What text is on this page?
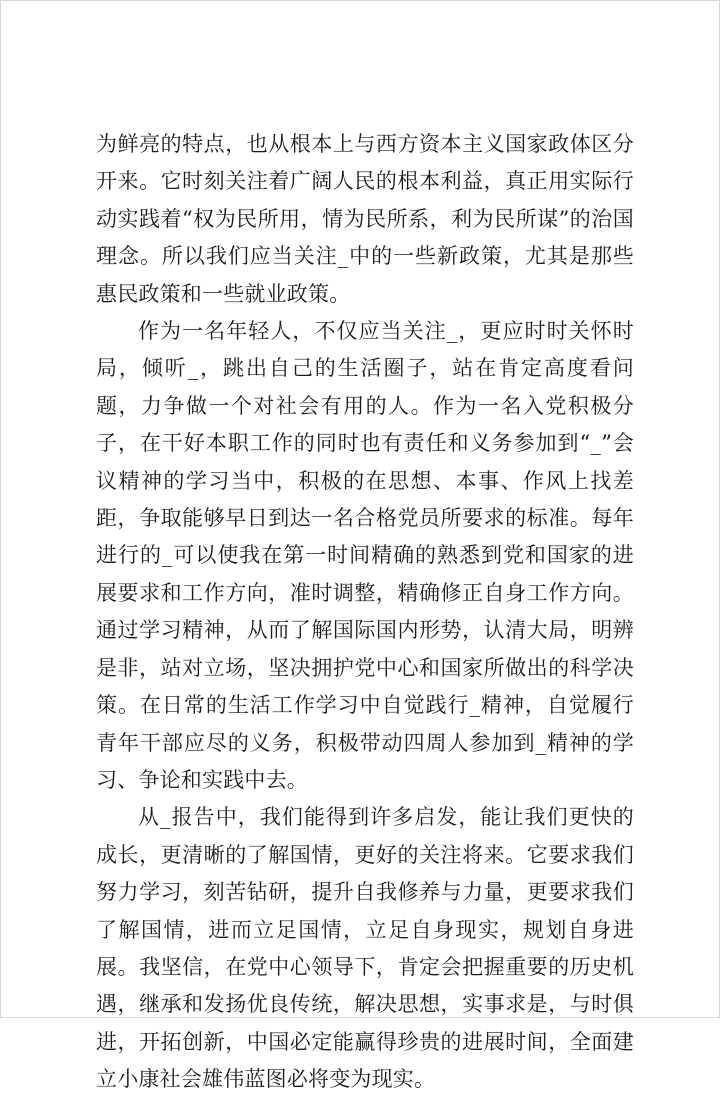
为鲜亮的特点，也从根本上与西方资本主义国家政体区分开来。它时刻关注着广阔人民的根本利益，真正用实际行动实践着“权为民所用，情为民所系，利为民所谋”的治国理念。所以我们应当关注_中的一些新政策，尤其是那些惠民政策和一些就业政策。

作为一名年轻人，不仅应当关注_，更应时时关怀时局，倾听_，跳出自己的生活圈子，站在肯定高度看问题，力争做一个对社会有用的人。作为一名入党积极分子，在干好本职工作的同时也有责任和义务参加到“_”会议精神的学习当中，积极的在思想、本事、作风上找差距，争取能够早日到达一名合格党员所要求的标准。每年进行的_可以使我在第一时间精确的熟悉到党和国家的进展要求和工作方向，准时调整，精确修正自身工作方向。通过学习精神，从而了解国际国内形势，认清大局，明辨是非，站对立场，坚决拥护党中心和国家所做出的科学决策。在日常的生活工作学习中自觉践行_精神，自觉履行青年干部应尽的义务，积极带动四周人参加到_精神的学习、争论和实践中去。

从_报告中，我们能得到许多启发，能让我们更快的成长，更清晰的了解国情，更好的关注将来。它要求我们努力学习，刻苦钻研，提升自我修养与力量，更要求我们了解国情，进而立足国情，立足自身现实，规划自身进展。我坚信，在党中心领导下，肯定会把握重要的历史机遇，继承和发扬优良传统，解决思想，实事求是，与时俱进，开拓创新，中国必定能赢得珍贵的进展时间，全面建立小康社会雄伟蓝图必将变为现实。
